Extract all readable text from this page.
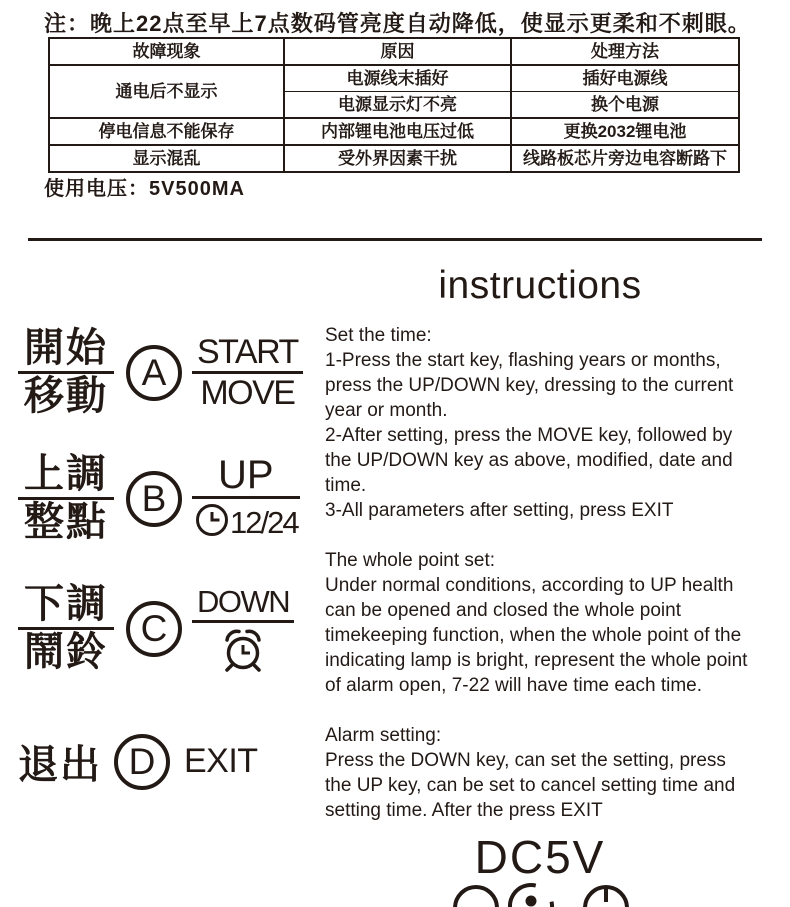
注：晚上22点至早上7点数码管亮度自动降低，使显示更柔和不刺眼。
故障现象	原因	处理方法
通电后不显示	电源线末插好	插好电源线
	电源显示灯不亮	换个电源
停电信息不能保存	内部锂电池电压过低	更换2032锂电池
显示混乱	受外界因素干扰	线路板芯片旁边电容断路下
使用电压：5V500MA
instructions
$\frac{\text{開始}}{\text{移動}}$ A $\frac{\text{START}}{\text{MOVE}}$
$\frac{\text{上調}}{\text{整點}}$ B $\frac{UP}{12/24}$
$\frac{\text{下調}}{\text{鬧鈴}}$ C
DOWN
退出 D EXIT
Set the time:
1-Press the start key, flashing years or months,
press the UP/DOWN key, dressing to the current
year or month.
2-After setting, press the MOVE key, followed by
the UP/DOWN key as above, modified, date and
time.
3-All parameters after setting, press EXIT
The whole point set:
Under normal conditions, according to UP health
can be opened and closed the whole point
timekeeping function, when the whole point of the
indicating lamp is bright, represent the whole point
of alarm open, 7-22 will have time each time.
Alarm setting:
Press the DOWN key, can set the setting, press
the UP key, can be set to cancel setting time and
setting time. After the press EXIT
DC5V
